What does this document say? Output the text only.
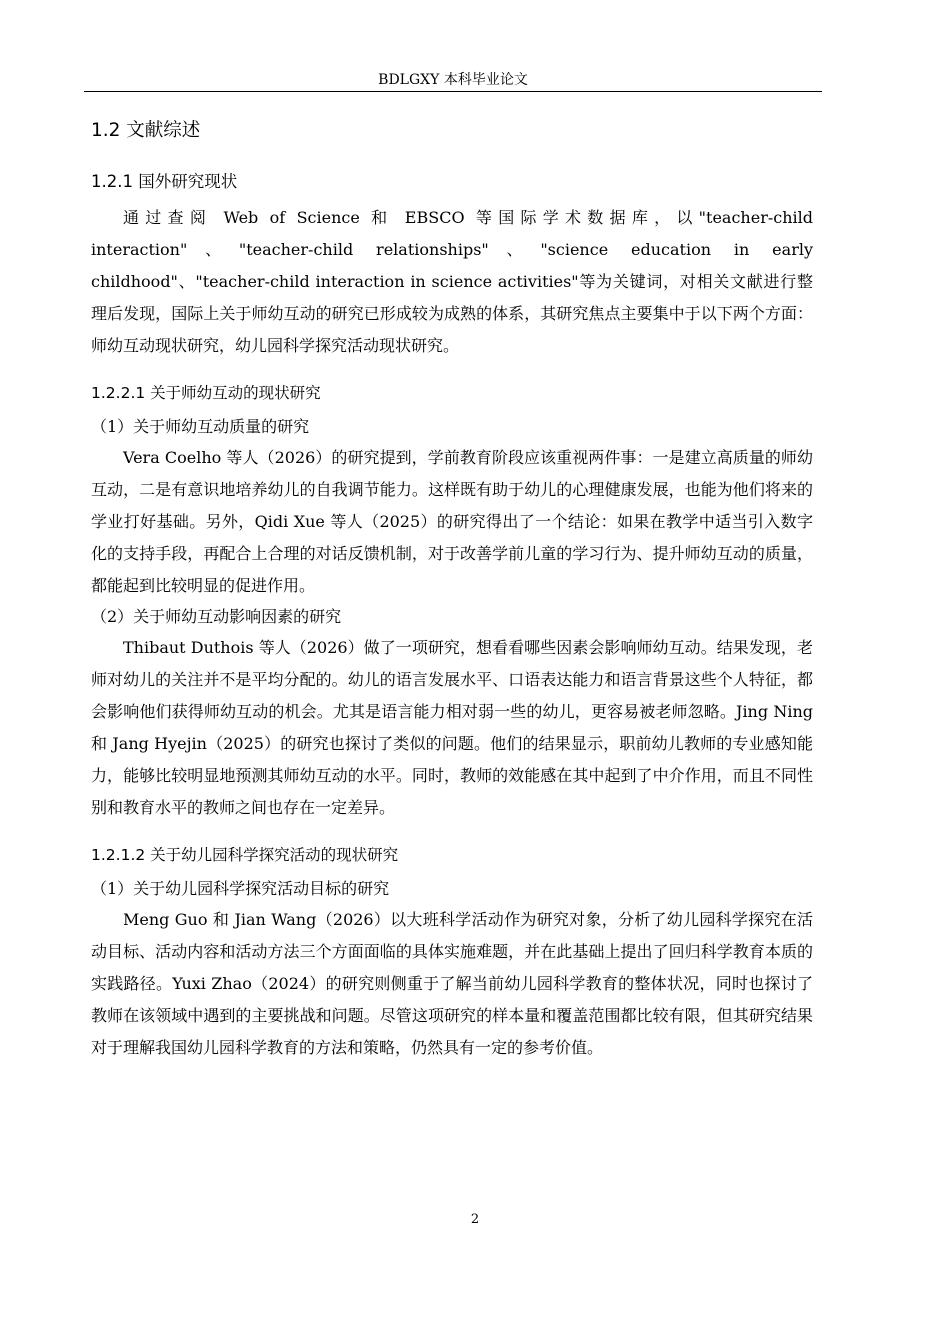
BDLGXY 本科毕业论文
1.2 文献综述
1.2.1 国外研究现状

通过查阅 Web of Science 和 EBSCO 等国际学术数据库，以"teacher-child interaction"、"teacher-child relationships"、"science education in early childhood"、"teacher-child interaction in science activities"等为关键词，对相关文献进行整理后发现，国际上关于师幼互动的研究已形成较为成熟的体系，其研究焦点主要集中于以下两个方面：师幼互动现状研究，幼儿园科学探究活动现状研究。

1.2.2.1 关于师幼互动的现状研究
（1）关于师幼互动质量的研究

Vera Coelho 等人（2026）的研究提到，学前教育阶段应该重视两件事：一是建立高质量的师幼互动，二是有意识地培养幼儿的自我调节能力。这样既有助于幼儿的心理健康发展，也能为他们将来的学业打好基础。另外，Qidi Xue 等人（2025）的研究得出了一个结论：如果在教学中适当引入数字化的支持手段，再配合上合理的对话反馈机制，对于改善学前儿童的学习行为、提升师幼互动的质量，都能起到比较明显的促进作用。

（2）关于师幼互动影响因素的研究

Thibaut Duthois 等人（2026）做了一项研究，想看看哪些因素会影响师幼互动。结果发现，老师对幼儿的关注并不是平均分配的。幼儿的语言发展水平、口语表达能力和语言背景这些个人特征，都会影响他们获得师幼互动的机会。尤其是语言能力相对弱一些的幼儿，更容易被老师忽略。Jing Ning 和 Jang Hyejin（2025）的研究也探讨了类似的问题。他们的结果显示，职前幼儿教师的专业感知能力，能够比较明显地预测其师幼互动的水平。同时，教师的效能感在其中起到了中介作用，而且不同性别和教育水平的教师之间也存在一定差异。

1.2.1.2 关于幼儿园科学探究活动的现状研究
（1）关于幼儿园科学探究活动目标的研究

Meng Guo 和 Jian Wang（2026）以大班科学活动作为研究对象，分析了幼儿园科学探究在活动目标、活动内容和活动方法三个方面面临的具体实施难题，并在此基础上提出了回归科学教育本质的实践路径。Yuxi Zhao（2024）的研究则侧重于了解当前幼儿园科学教育的整体状况，同时也探讨了教师在该领域中遇到的主要挑战和问题。尽管这项研究的样本量和覆盖范围都比较有限，但其研究结果对于理解我国幼儿园科学教育的方法和策略，仍然具有一定的参考价值。

2
